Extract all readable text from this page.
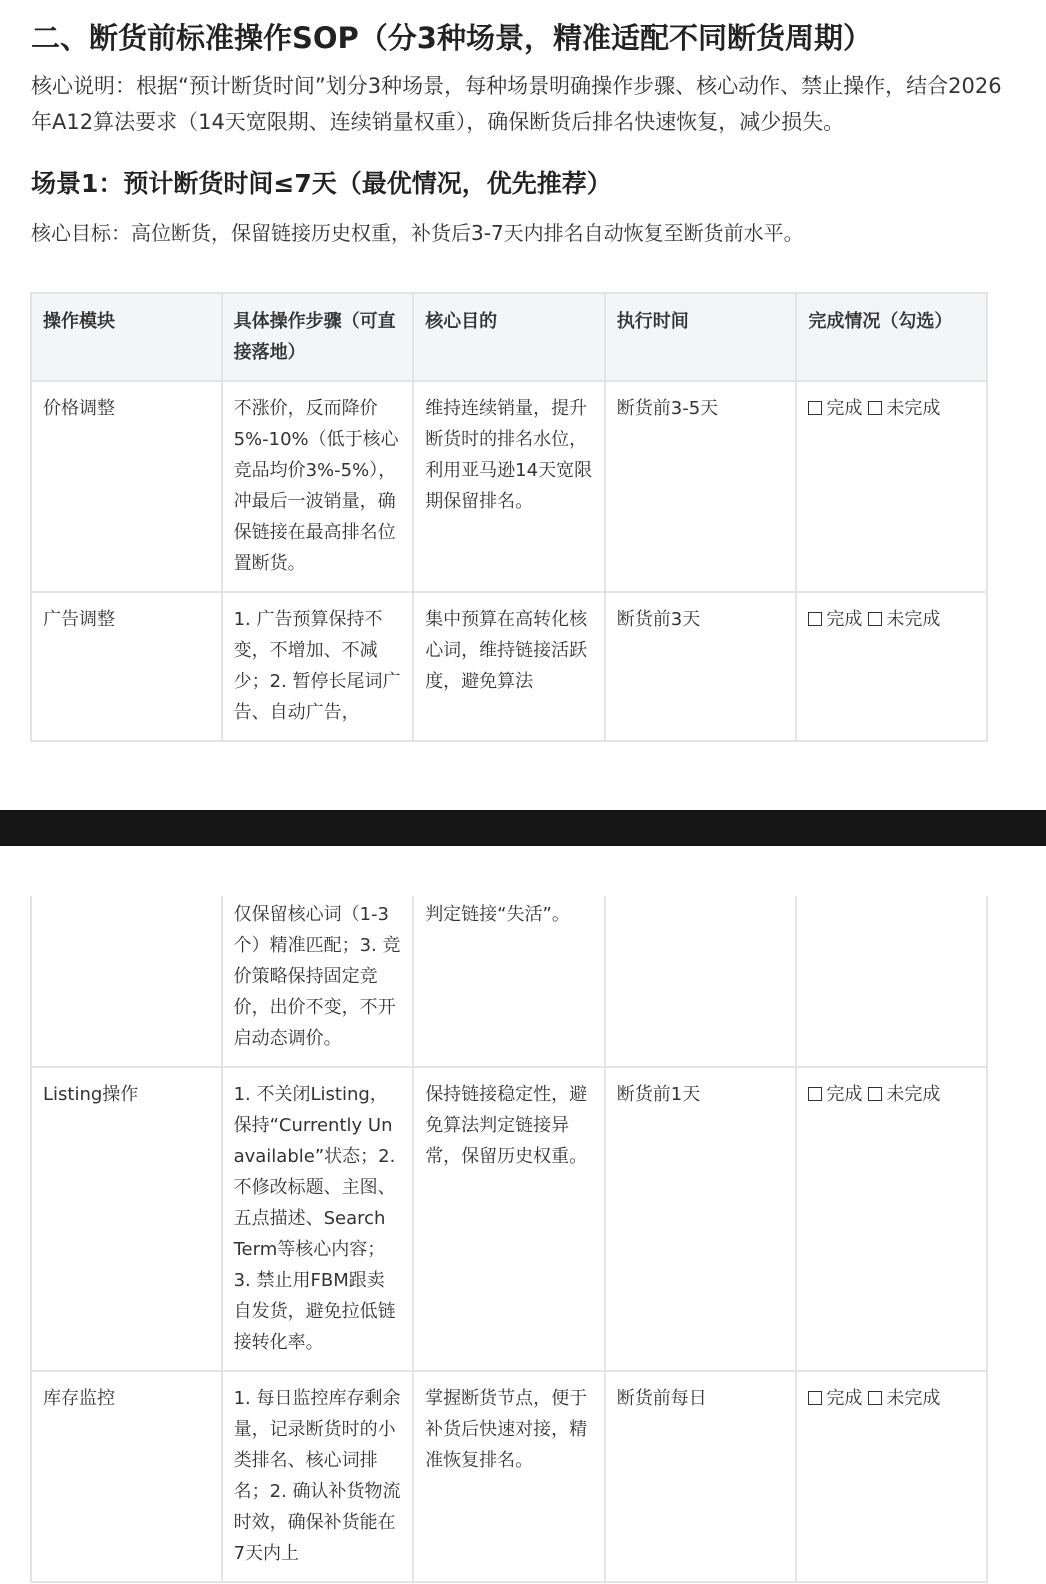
二、断货前标准操作SOP（分3种场景，精准适配不同断货周期）

核心说明：根据“预计断货时间”划分3种场景，每种场景明确操作步骤、核心动作、禁止操作，结合2026年A12算法要求（14天宽限期、连续销量权重），确保断货后排名快速恢复，减少损失。

场景1：预计断货时间≤7天（最优情况，优先推荐）

核心目标：高位断货，保留链接历史权重，补货后3-7天内排名自动恢复至断货前水平。

操作模块	具体操作步骤（可直接落地）	核心目的	执行时间	完成情况（勾选）
价格调整	不涨价，反而降价5%-10%（低于核心竞品均价3%-5%），冲最后一波销量，确保链接在最高排名位置断货。	维持连续销量，提升断货时的排名水位，利用亚马逊14天宽限期保留排名。	断货前3-5天	完成 未完成
广告调整	1. 广告预算保持不变，不增加、不减少；2. 暂停长尾词广告、自动广告，	集中预算在高转化核心词，维持链接活跃度，避免算法	断货前3天	完成 未完成
	仅保留核心词（1-3个）精准匹配；3. 竞价策略保持固定竞价，出价不变，不开启动态调价。	判定链接“失活”。		
Listing操作	1. 不关闭Listing，保持“Currently Unavailable”状态；2. 不修改标题、主图、五点描述、Search Term等核心内容；3. 禁止用FBM跟卖自发货，避免拉低链接转化率。	保持链接稳定性，避免算法判定链接异常，保留历史权重。	断货前1天	完成 未完成
库存监控	1. 每日监控库存剩余量，记录断货时的小类排名、核心词排名；2. 确认补货物流时效，确保补货能在7天内上	掌握断货节点，便于补货后快速对接，精准恢复排名。	断货前每日	完成 未完成
